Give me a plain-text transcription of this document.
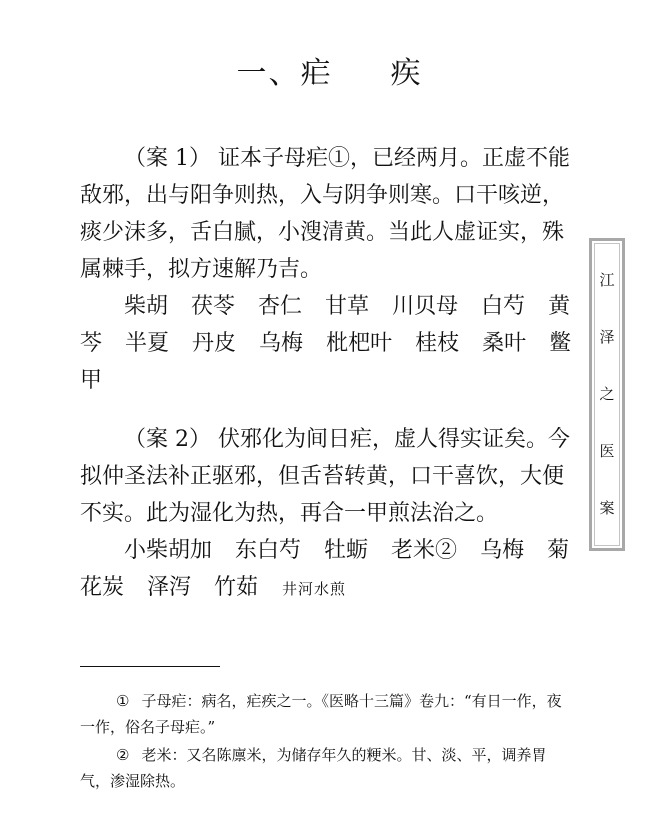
一、疟 疾

（案 1） 证本子母疟①，已经两月。正虚不能敌邪，出与阳争则热，入与阴争则寒。口干咳逆，痰少沫多，舌白腻，小溲清黄。当此人虚证实，殊属棘手，拟方速解乃吉。

柴胡 茯苓 杏仁 甘草 川贝母 白芍 黄芩 半夏 丹皮 乌梅 枇杷叶 桂枝 桑叶 鳖甲

（案 2） 伏邪化为间日疟，虚人得实证矣。今拟仲圣法补正驱邪，但舌苔转黄，口干喜饮，大便不实。此为湿化为热，再合一甲煎法治之。

小柴胡加 东白芍 牡蛎 老米② 乌梅 菊花炭 泽泻 竹茹 井河水煎

① 子母疟：病名，疟疾之一。《医略十三篇》卷九：“有日一作，夜一作，俗名子母疟。”

② 老米：又名陈廪米，为储存年久的粳米。甘、淡、平，调养胃气，渗湿除热。

江
泽
之
医
案
